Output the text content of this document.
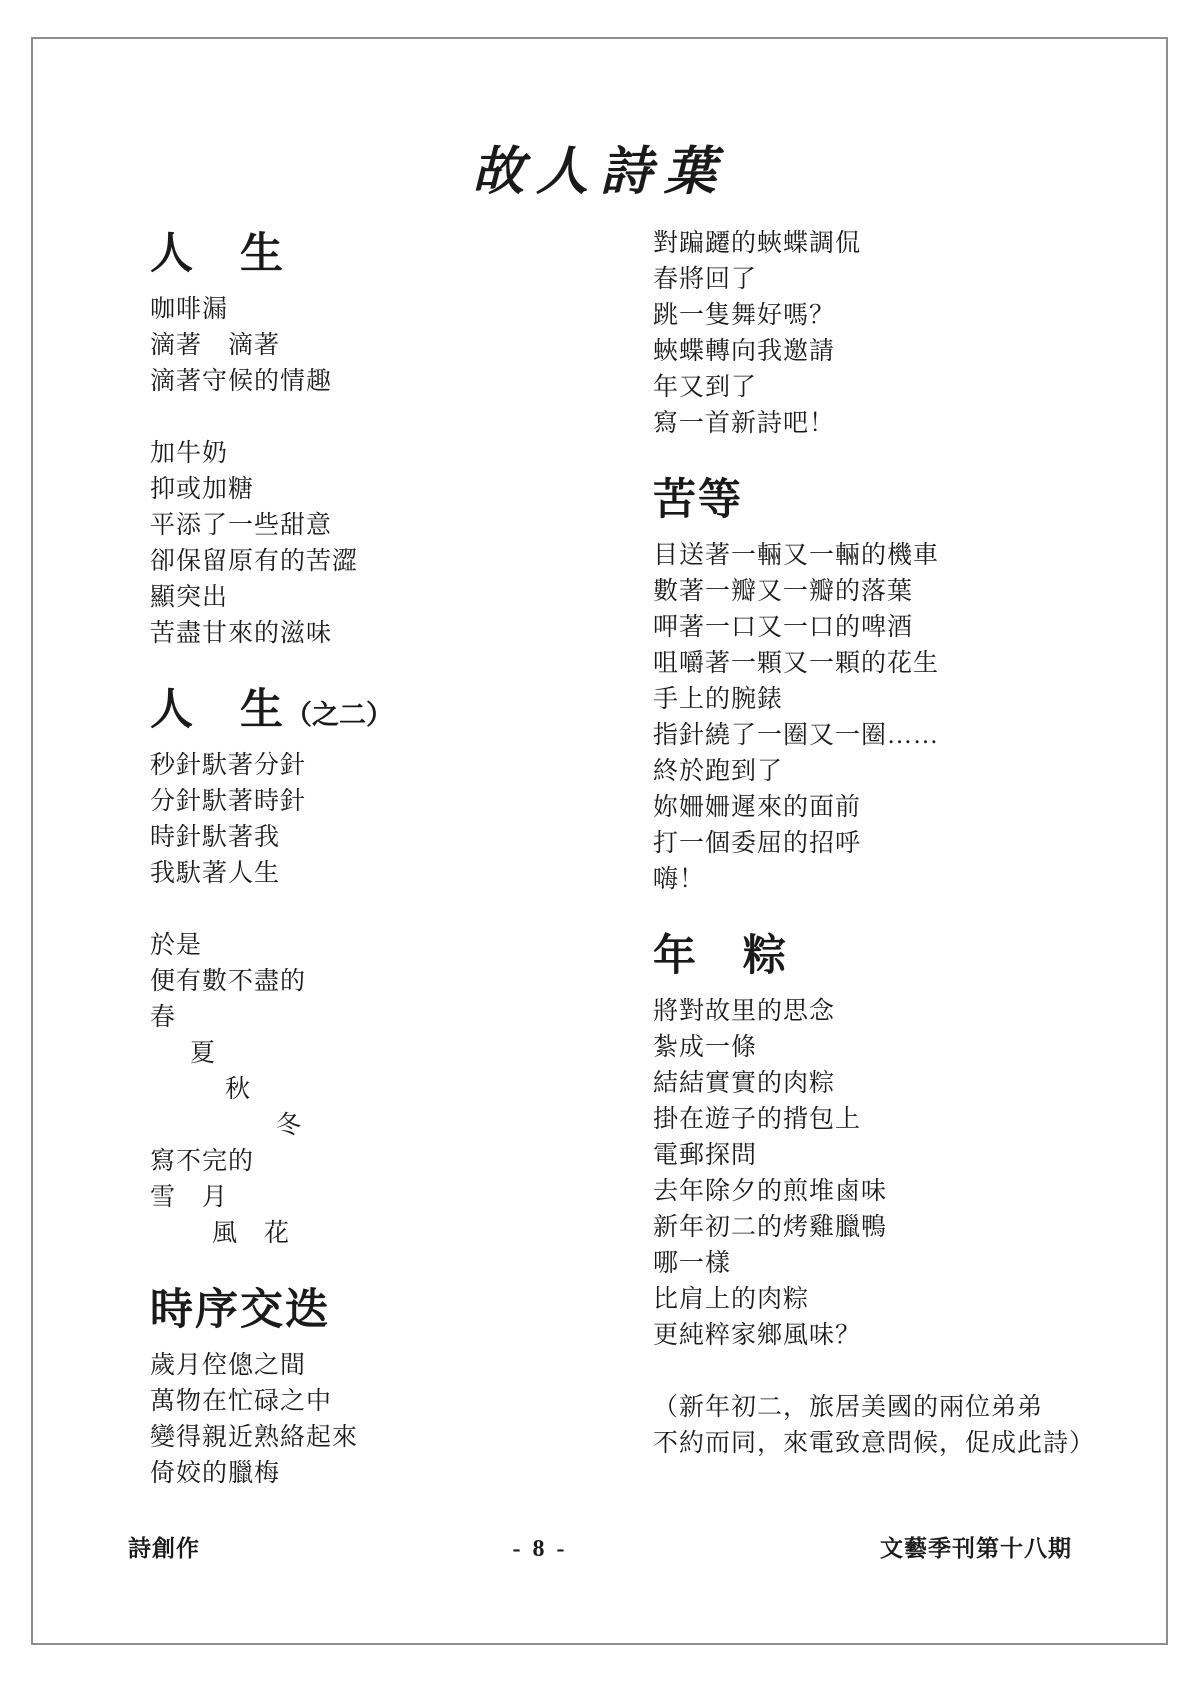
故人詩葉
人　生
咖啡漏
滴著　滴著
滴著守候的情趣
加牛奶
抑或加糖
平添了一些甜意
卻保留原有的苦澀
顯突出
苦盡甘來的滋味
人　生（之二）
秒針馱著分針
分針馱著時針
時針馱著我
我馱著人生
於是
便有數不盡的
春
夏
秋
冬
寫不完的
雪　月
風　花
時序交迭
歲月倥傯之間
萬物在忙碌之中
變得親近熟絡起來
倚姣的臘梅
對蹁躚的蛺蝶調侃
春將回了
跳一隻舞好嗎？
蛺蝶轉向我邀請
年又到了
寫一首新詩吧！
苦等
目送著一輛又一輛的機車
數著一瓣又一瓣的落葉
呷著一口又一口的啤酒
咀嚼著一顆又一顆的花生
手上的腕錶
指針繞了一圈又一圈……
終於跑到了
妳姍姍遲來的面前
打一個委屈的招呼
嗨！
年　粽
將對故里的思念
紮成一條
結結實實的肉粽
掛在遊子的揹包上
電郵探問
去年除夕的煎堆鹵味
新年初二的烤雞臘鴨
哪一樣
比肩上的肉粽
更純粹家鄉風味？
（新年初二，旅居美國的兩位弟弟
不約而同，來電致意問候，促成此詩）
詩創作	- 8 -	文藝季刊第十八期
